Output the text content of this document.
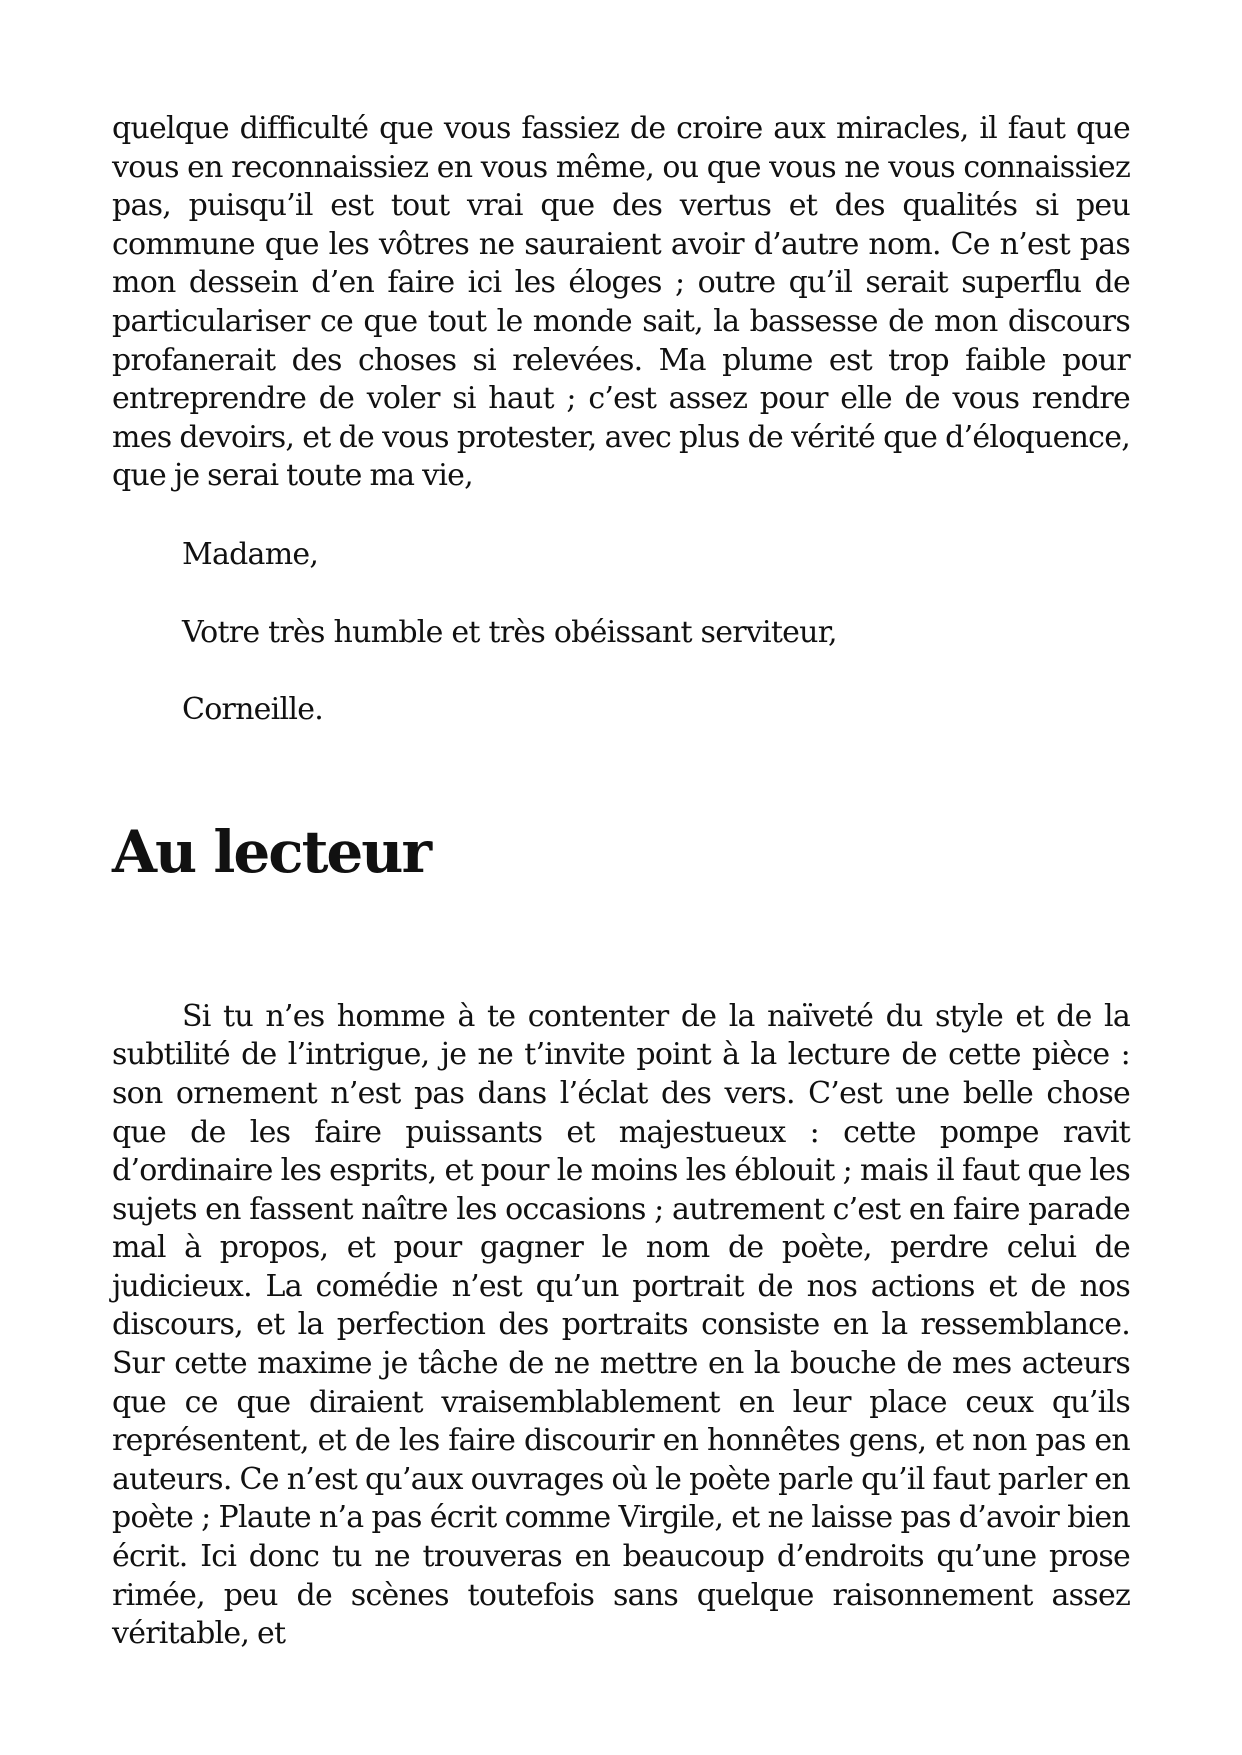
quelque difficulté que vous fassiez de croire aux miracles, il faut que vous en reconnaissiez en vous même, ou que vous ne vous connaissiez pas, puisqu’il est tout vrai que des vertus et des qualités si peu commune que les vôtres ne sauraient avoir d’autre nom. Ce n’est pas mon dessein d’en faire ici les éloges ; outre qu’il serait superflu de particulariser ce que tout le monde sait, la bassesse de mon discours profanerait des choses si relevées. Ma plume est trop faible pour entreprendre de voler si haut ; c’est assez pour elle de vous rendre mes devoirs, et de vous protester, avec plus de vérité que d’éloquence, que je serai toute ma vie,

Madame,

Votre très humble et très obéissant serviteur,

Corneille.

Au lecteur

Si tu n’es homme à te contenter de la naïveté du style et de la subtilité de l’intrigue, je ne t’invite point à la lecture de cette pièce : son ornement n’est pas dans l’éclat des vers. C’est une belle chose que de les faire puissants et majestueux : cette pompe ravit d’ordinaire les esprits, et pour le moins les éblouit ; mais il faut que les sujets en fassent naître les occasions ; autrement c’est en faire parade mal à propos, et pour gagner le nom de poète, perdre celui de judicieux. La comédie n’est qu’un portrait de nos actions et de nos discours, et la perfection des portraits consiste en la ressemblance. Sur cette maxime je tâche de ne mettre en la bouche de mes acteurs que ce que diraient vraisemblablement en leur place ceux qu’ils représentent, et de les faire discourir en honnêtes gens, et non pas en auteurs. Ce n’est qu’aux ouvrages où le poète parle qu’il faut parler en poète ; Plaute n’a pas écrit comme Virgile, et ne laisse pas d’avoir bien écrit. Ici donc tu ne trouveras en beaucoup d’endroits qu’une prose rimée, peu de scènes toutefois sans quelque raisonnement assez véritable, et
